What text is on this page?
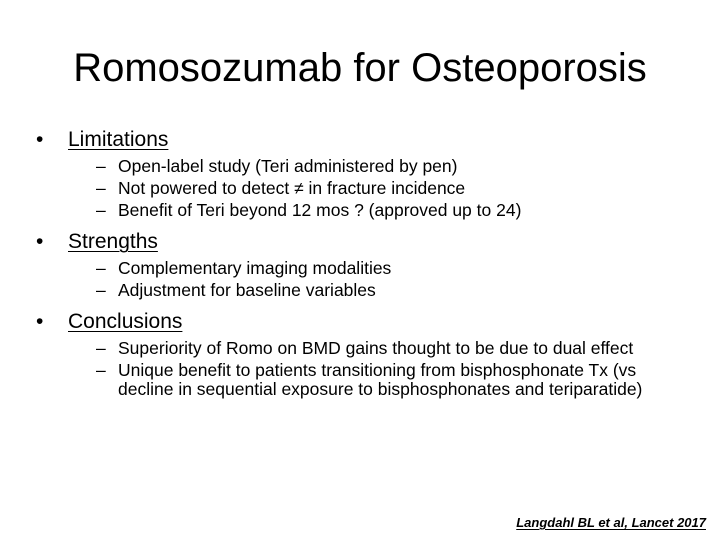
Romosozumab for Osteoporosis
•	Limitations
– Open-label study (Teri administered by pen)
– Not powered to detect ≠ in fracture incidence
– Benefit of Teri beyond 12 mos ? (approved up to 24)
•	Strengths
– Complementary imaging modalities
– Adjustment for baseline variables
•	Conclusions
– Superiority of Romo on BMD gains thought to be due to dual effect
– Unique benefit to patients transitioning from bisphosphonate Tx (vs decline in sequential exposure to bisphosphonates and teriparatide)
Langdahl BL et al, Lancet 2017
